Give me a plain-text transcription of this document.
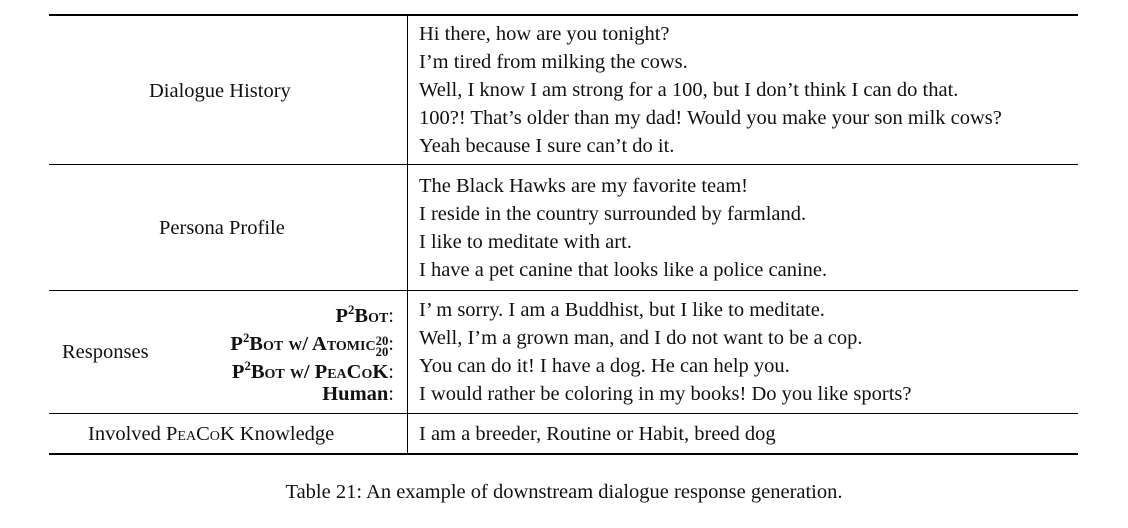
Dialogue History
Hi there, how are you tonight?
I’m tired from milking the cows.
Well, I know I am strong for a 100, but I don’t think I can do that.
100?! That’s older than my dad! Would you make your son milk cows?
Yeah because I sure can’t do it.
Persona Profile
The Black Hawks are my favorite team!
I reside in the country surrounded by farmland.
I like to meditate with art.
I have a pet canine that looks like a police canine.
Responses
$P^2Bot$:
$P^2Bot$ w/ Atomic 20
20 :
$P^2Bot$ w/ PeaCoK:
Human:
I’ m sorry. I am a Buddhist, but I like to meditate.
Well, I’m a grown man, and I do not want to be a cop.
You can do it! I have a dog. He can help you.
I would rather be coloring in my books! Do you like sports?
Involved PeaCoK Knowledge	I am a breeder, Routine or Habit, breed dog
Table 21: An example of downstream dialogue response generation.
